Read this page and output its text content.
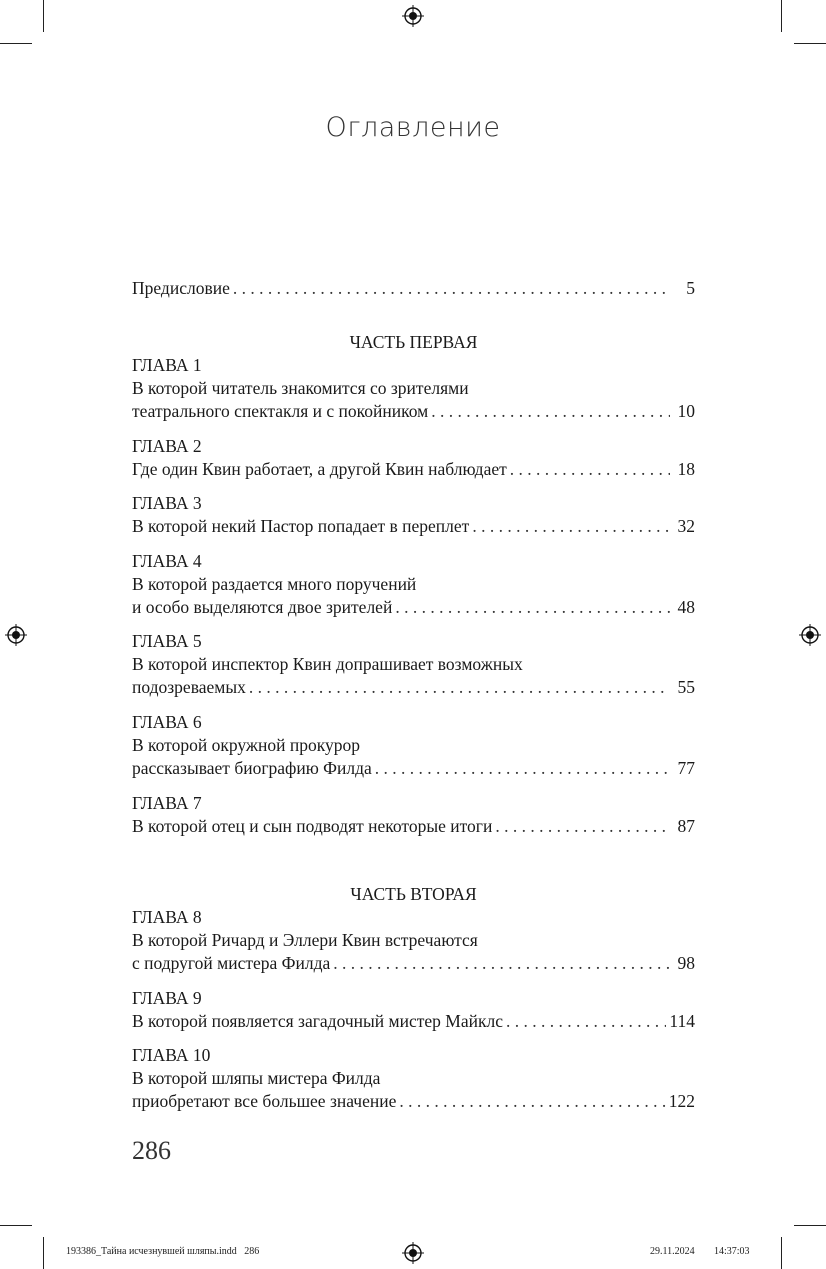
Оглавление
Предисловие . . .	5
ЧАСТЬ ПЕРВАЯ
ГЛАВА 1
В которой читатель знакомится со зрителями
театрального спектакля и с покойником . . .	10
ГЛАВА 2
Где один Квин работает, а другой Квин наблюдает . . .	18
ГЛАВА 3
В которой некий Пастор попадает в переплет . . .	32
ГЛАВА 4
В которой раздается много поручений
и особо выделяются двое зрителей . . .	48
ГЛАВА 5
В которой инспектор Квин допрашивает возможных
подозреваемых . . .	55
ГЛАВА 6
В которой окружной прокурор
рассказывает биографию Филда . . .	77
ГЛАВА 7
В которой отец и сын подводят некоторые итоги . . .	87
ЧАСТЬ ВТОРАЯ
ГЛАВА 8
В которой Ричард и Эллери Квин встречаются
с подругой мистера Филда . . .	98
ГЛАВА 9
В которой появляется загадочный мистер Майклс . . .	114
ГЛАВА 10
В которой шляпы мистера Филда
приобретают все большее значение . . .	122
286
193386_Тайна исчезнувшей шляпы.indd   286	29.11.2024 14:37:03
